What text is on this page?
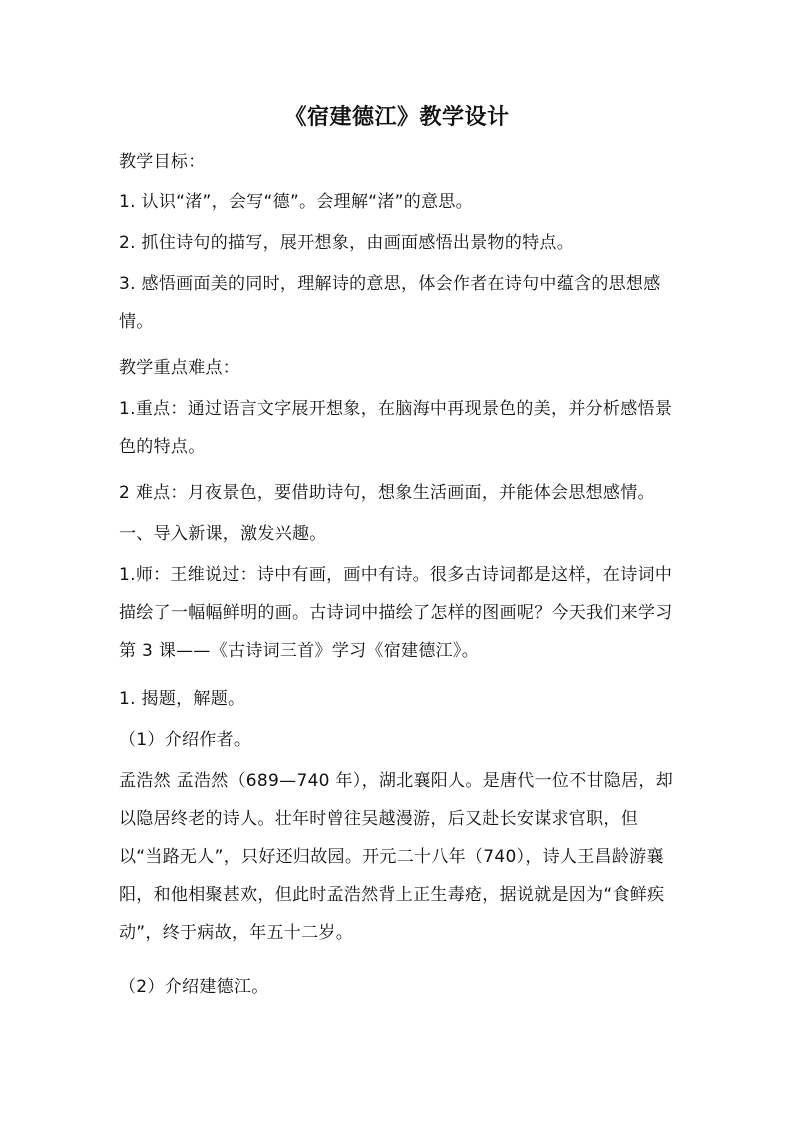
《宿建德江》教学设计

教学目标：

1. 认识“渚”，会写“德”。会理解“渚”的意思。

2. 抓住诗句的描写，展开想象，由画面感悟出景物的特点。

3. 感悟画面美的同时，理解诗的意思，体会作者在诗句中蕴含的思想感情。

教学重点难点：

1.重点：通过语言文字展开想象，在脑海中再现景色的美，并分析感悟景色的特点。

2 难点：月夜景色，要借助诗句，想象生活画面，并能体会思想感情。

一、导入新课，激发兴趣。

1.师：王维说过：诗中有画，画中有诗。很多古诗词都是这样，在诗词中描绘了一幅幅鲜明的画。古诗词中描绘了怎样的图画呢？今天我们来学习第 3 课——《古诗词三首》学习《宿建德江》。

1. 揭题，解题。

（1）介绍作者。

孟浩然 孟浩然（689—740 年），湖北襄阳人。是唐代一位不甘隐居，却以隐居终老的诗人。壮年时曾往吴越漫游，后又赴长安谋求官职，但以“当路无人”，只好还归故园。开元二十八年（740），诗人王昌龄游襄阳，和他相聚甚欢，但此时孟浩然背上正生毒疮，据说就是因为“食鲜疾动”，终于病故，年五十二岁。

（2）介绍建德江。
